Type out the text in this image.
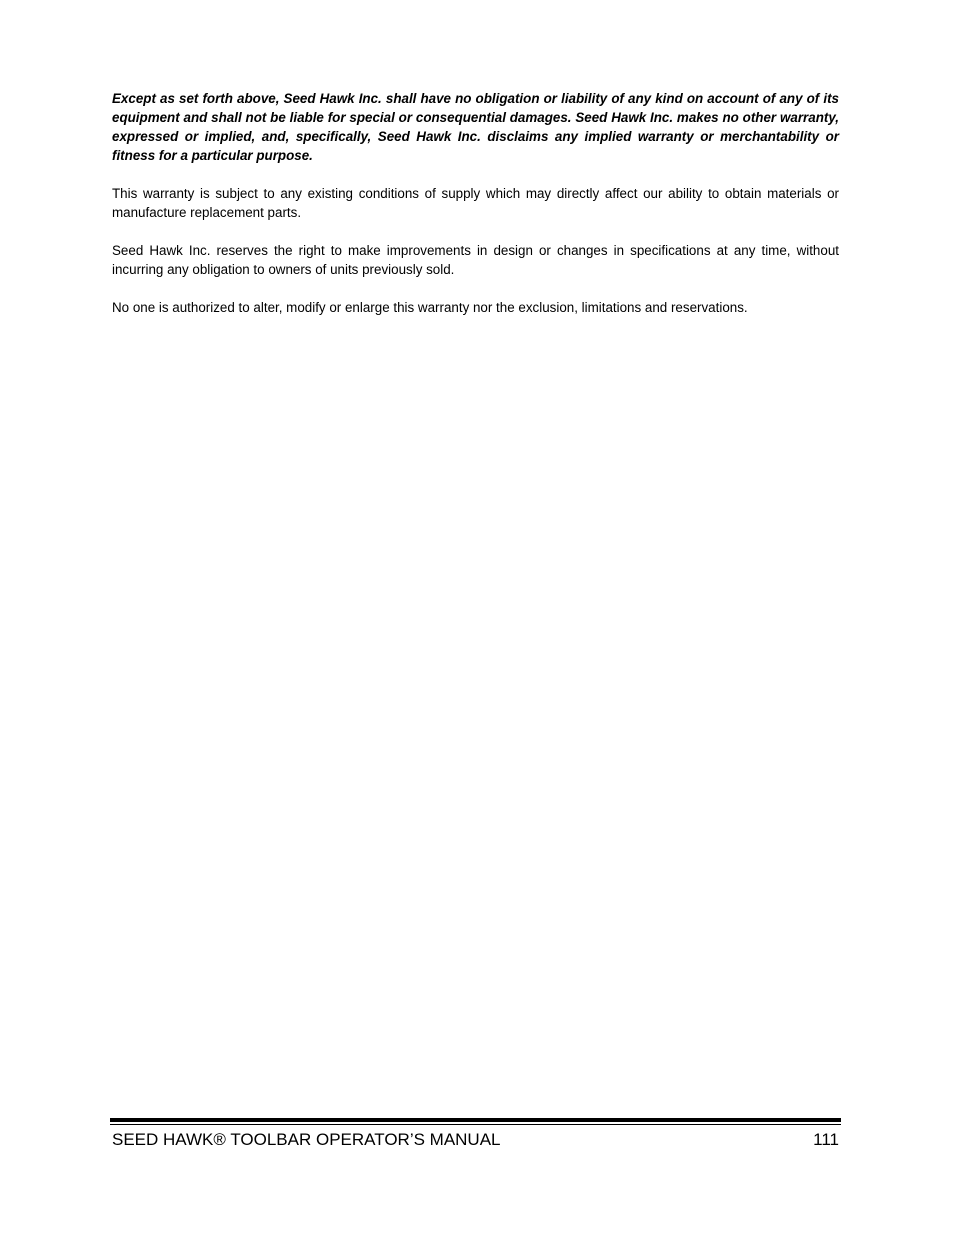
Except as set forth above, Seed Hawk Inc. shall have no obligation or liability of any kind on account of any of its equipment and shall not be liable for special or consequential damages. Seed Hawk Inc. makes no other warranty, expressed or implied, and, specifically, Seed Hawk Inc. disclaims any implied warranty or merchantability or fitness for a particular purpose.

This warranty is subject to any existing conditions of supply which may directly affect our ability to obtain materials or manufacture replacement parts.

Seed Hawk Inc. reserves the right to make improvements in design or changes in specifications at any time, without incurring any obligation to owners of units previously sold.

No one is authorized to alter, modify or enlarge this warranty nor the exclusion, limitations and reservations.

SEED HAWK® TOOLBAR OPERATOR’S MANUAL	111
